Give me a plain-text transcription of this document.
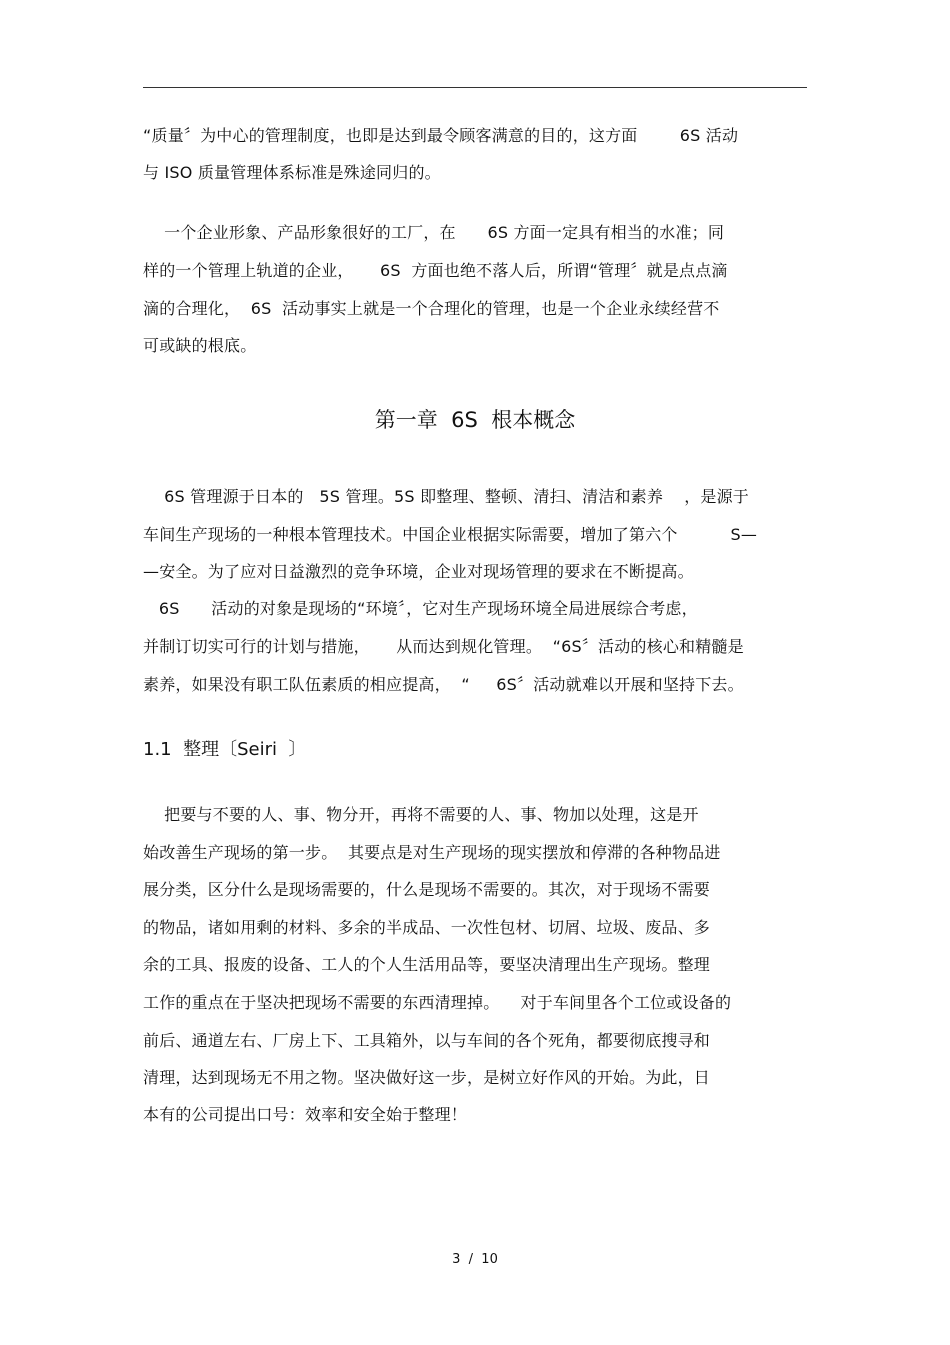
“质量〞为中心的管理制度，也即是达到最令顾客满意的目的，这方面        6S 活动
与 ISO 质量管理体系标准是殊途同归的。
一个企业形象、产品形象很好的工厂，在      6S 方面一定具有相当的水准；同
样的一个管理上轨道的企业，     6S  方面也绝不落人后，所谓“管理〞就是点点滴
滴的合理化，  6S  活动事实上就是一个合理化的管理，也是一个企业永续经营不
可或缺的根底。
第一章  6S  根本概念
6S 管理源于日本的   5S 管理。5S 即整理、整顿、清扫、清洁和素养    ，是源于
车间生产现场的一种根本管理技术。中国企业根据实际需要，增加了第六个          S—
—安全。为了应对日益激烈的竞争环境，企业对现场管理的要求在不断提高。
6S      活动的对象是现场的“环境〞，它对生产现场环境全局进展综合考虑，
并制订切实可行的计划与措施，     从而达到规化管理。  “6S〞活动的核心和精髓是
素养，如果没有职工队伍素质的相应提高，  “     6S〞活动就难以开展和坚持下去。
1.1  整理〔Seiri  〕
把要与不要的人、事、物分开，再将不需要的人、事、物加以处理，这是开
始改善生产现场的第一步。  其要点是对生产现场的现实摆放和停滞的各种物品进
展分类，区分什么是现场需要的，什么是现场不需要的。其次，对于现场不需要
的物品，诸如用剩的材料、多余的半成品、一次性包材、切屑、垃圾、废品、多
余的工具、报废的设备、工人的个人生活用品等，要坚决清理出生产现场。整理
工作的重点在于坚决把现场不需要的东西清理掉。    对于车间里各个工位或设备的
前后、通道左右、厂房上下、工具箱外，以与车间的各个死角，都要彻底搜寻和
清理，达到现场无不用之物。坚决做好这一步，是树立好作风的开始。为此，日
本有的公司提出口号：效率和安全始于整理！
3  /  10
